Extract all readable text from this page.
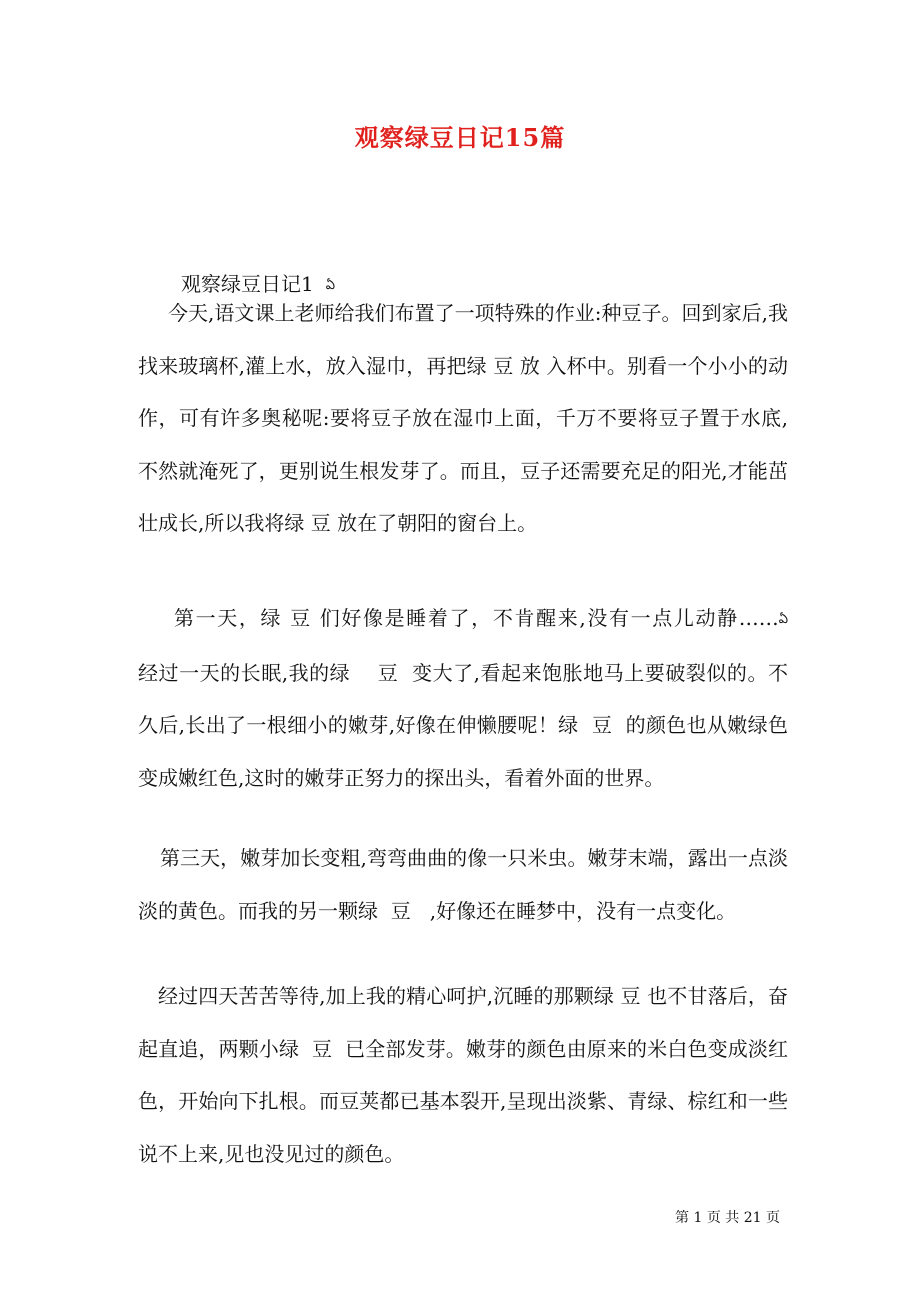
观察绿豆日记15篇

观察绿豆日记1 ఏ

今天,语文课上老师给我们布置了一项特殊的作业:种豆子。回到家后,我找来玻璃杯,灌上水，放入湿巾，再把绿 豆 放 入杯中。别看一个小小的动作，可有许多奥秘呢:要将豆子放在湿巾上面，千万不要将豆子置于水底,不然就淹死了，更别说生根发芽了。而且，豆子还需要充足的阳光,才能茁壮成长,所以我将绿 豆 放在了朝阳的窗台上。

第一天，绿 豆 们好像是睡着了，不肯醒来,没有一点儿动静……ఏ      经过一天的长眠,我的绿    豆  变大了,看起来饱胀地马上要破裂似的。不久后,长出了一根细小的嫩芽,好像在伸懒腰呢！绿  豆  的颜色也从嫩绿色变成嫩红色,这时的嫩芽正努力的探出头，看着外面的世界。

第三天，嫩芽加长变粗,弯弯曲曲的像一只米虫。嫩芽末端，露出一点淡淡的黄色。而我的另一颗绿  豆   ,好像还在睡梦中，没有一点变化。

经过四天苦苦等待,加上我的精心呵护,沉睡的那颗绿 豆 也不甘落后，奋起直追，两颗小绿  豆  已全部发芽。嫩芽的颜色由原来的米白色变成淡红色，开始向下扎根。而豆荚都已基本裂开,呈现出淡紫、青绿、棕红和一些说不上来,见也没见过的颜色。

第 1 页 共 21 页
